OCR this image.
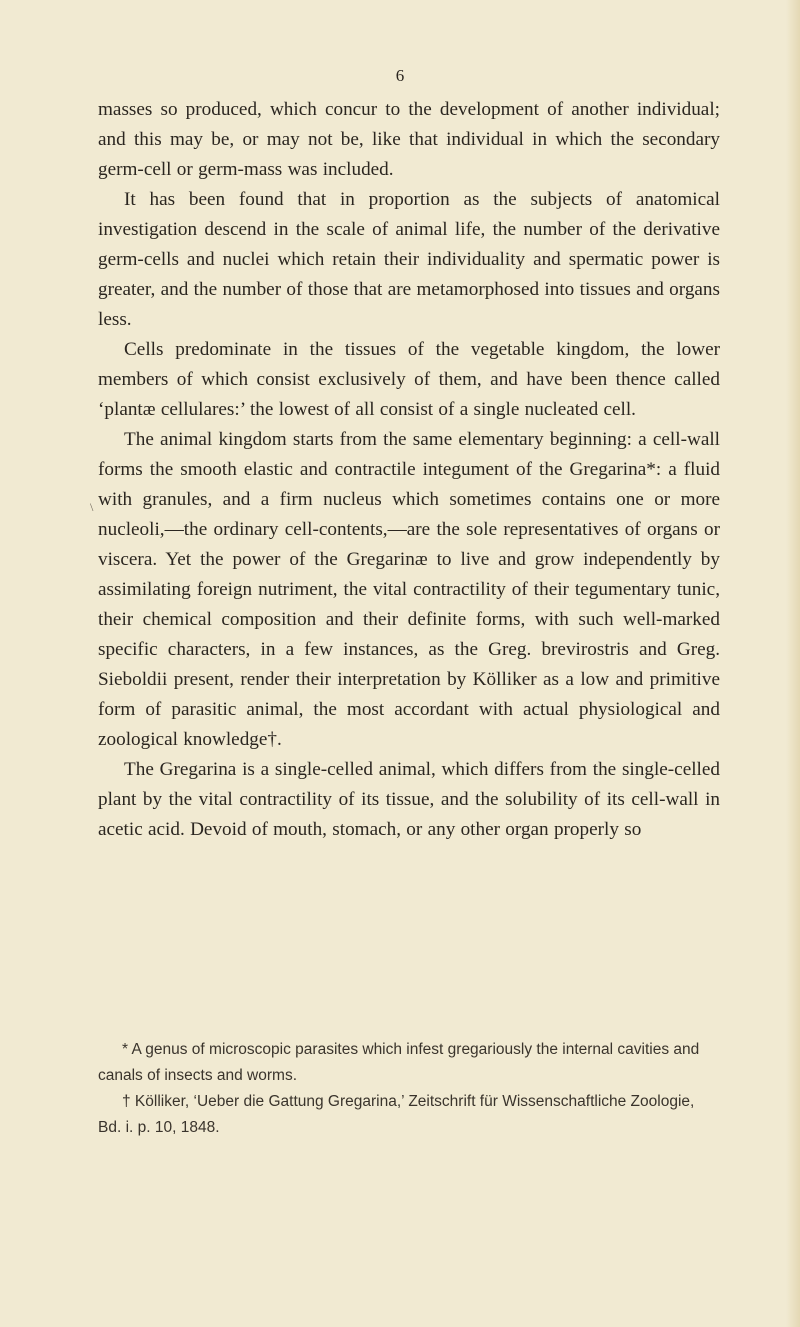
6

masses so produced, which concur to the development of another individual; and this may be, or may not be, like that individual in which the secondary germ-cell or germ-mass was included.

It has been found that in proportion as the subjects of anatomical investigation descend in the scale of animal life, the number of the derivative germ-cells and nuclei which retain their individuality and spermatic power is greater, and the number of those that are metamorphosed into tissues and organs less.

Cells predominate in the tissues of the vegetable kingdom, the lower members of which consist exclusively of them, and have been thence called ‘plantæ cellulares:’ the lowest of all consist of a single nucleated cell.

The animal kingdom starts from the same elementary beginning: a cell-wall forms the smooth elastic and contractile integument of the Gregarina*: a fluid with granules, and a firm nucleus which sometimes contains one or more nucleoli,—the ordinary cell-contents,—are the sole representatives of organs or viscera. Yet the power of the Gregarinæ to live and grow independently by assimilating foreign nutriment, the vital contractility of their tegumentary tunic, their chemical composition and their definite forms, with such well-marked specific characters, in a few instances, as the Greg. brevirostris and Greg. Sieboldii present, render their interpretation by Kölliker as a low and primitive form of parasitic animal, the most accordant with actual physiological and zoological knowledge†.

The Gregarina is a single-celled animal, which differs from the single-celled plant by the vital contractility of its tissue, and the solubility of its cell-wall in acetic acid. Devoid of mouth, stomach, or any other organ properly so

\

* A genus of microscopic parasites which infest gregariously the internal cavities and canals of insects and worms.

† Kölliker, ‘Ueber die Gattung Gregarina,’ Zeitschrift für Wissenschaftliche Zoologie, Bd. i. p. 10, 1848.
